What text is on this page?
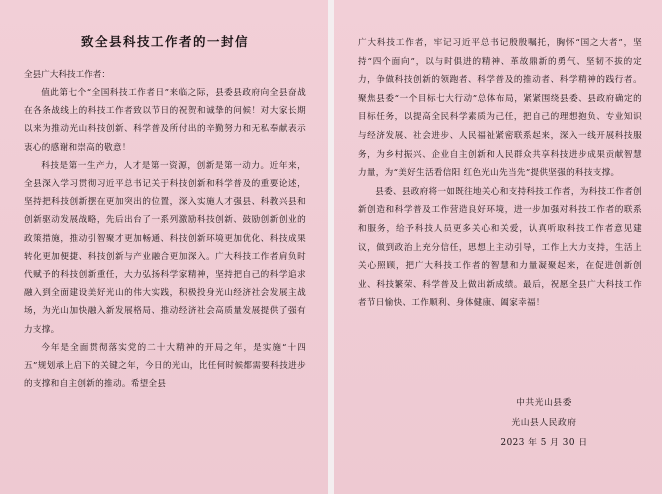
致全县科技工作者的一封信

全县广大科技工作者：

值此第七个“全国科技工作者日”来临之际，县委县政府向全县奋战在各条战线上的科技工作者致以节日的祝贺和诚挚的问候！对大家长期以来为推动光山科技创新、科学普及所付出的辛勤努力和无私奉献表示衷心的感谢和崇高的敬意！

科技是第一生产力，人才是第一资源，创新是第一动力。近年来，全县深入学习贯彻习近平总书记关于科技创新和科学普及的重要论述，坚持把科技创新摆在更加突出的位置，深入实施人才强县、科教兴县和创新驱动发展战略，先后出台了一系列激励科技创新、鼓励创新创业的政策措施，推动引智聚才更加畅通、科技创新环境更加优化、科技成果转化更加便捷、科技创新与产业融合更加深入。广大科技工作者肩负时代赋予的科技创新重任，大力弘扬科学家精神，坚持把自己的科学追求融入到全面建设美好光山的伟大实践，积极投身光山经济社会发展主战场，为光山加快融入新发展格局、推动经济社会高质量发展提供了强有力支撑。

今年是全面贯彻落实党的二十大精神的开局之年，是实施“十四五”规划承上启下的关键之年，今日的光山，比任何时候都需要科技进步的支撑和自主创新的推动。希望全县

广大科技工作者，牢记习近平总书记殷殷嘱托，胸怀“国之大者”，坚持“四个面向”，以与时俱进的精神、革故鼎新的勇气、坚韧不拔的定力，争做科技创新的领跑者、科学普及的推动者、科学精神的践行者。聚焦县委“一个目标七大行动”总体布局，紧紧围绕县委、县政府确定的目标任务，以提高全民科学素质为己任，把自己的理想抱负、专业知识与经济发展、社会进步、人民福祉紧密联系起来，深入一线开展科技服务，为乡村振兴、企业自主创新和人民群众共享科技进步成果贡献智慧力量，为“美好生活看信阳 红色光山先当先”提供坚强的科技支撑。

县委、县政府将一如既往地关心和支持科技工作者，为科技工作者创新创造和科学普及工作营造良好环境，进一步加强对科技工作者的联系和服务，给予科技人员更多关心和关爱，认真听取科技工作者意见建议，做到政治上充分信任，思想上主动引导，工作上大力支持，生活上关心照顾，把广大科技工作者的智慧和力量凝聚起来，在促进创新创业、科技繁荣、科学普及上做出新成绩。最后，祝愿全县广大科技工作者节日愉快、工作顺利、身体健康、阖家幸福！

中共光山县委
光山县人民政府
2023 年 5 月 30 日
